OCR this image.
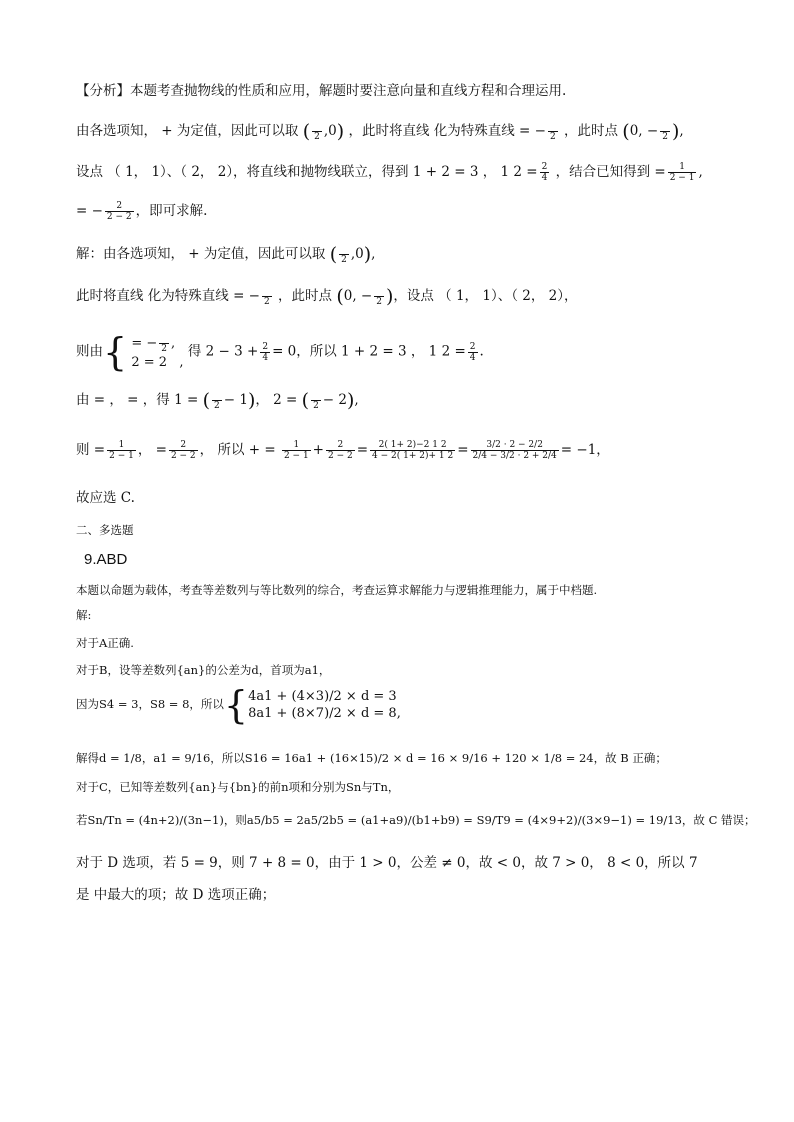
【分析】本题考查抛物线的性质和应用，解题时要注意向量和直线方程和合理运用.
由各选项知， + 为定值，因此可以取 (
2 ,0) ，此时将直线 化为特殊直线 = −
2 ，此时点 (0, −
2 ),
设点 （ 1， 1）、（ 2， 2），将直线和抛物线联立，得到 1 + 2 = 3 ， 1 $2 = \frac{2}{4}$ ，结合已知得到 = $\frac{1}{2 - 1}$ ,
= − $\frac{2}{2 - 2}$ ，即可求解.
解：由各选项知， + 为定值，因此可以取 (
2 ,0),
此时将直线 化为特殊直线 = −
2 ，此时点 (0, −
2 )，设点 （ 1， 1）、（ 2， 2），
则由{ = −
2 ,
2 = 2   , 得 $2 - 3 + \frac{2}{4} = 0$，所以 1 + 2 = 3 ， 1 $2 = \frac{2}{4}$ .
由 = ， = ，得 1 = (
2 − 1)， 2 = (
2 − 2),
则 = $\frac{1}{2 - 1}$ ， = $\frac{2}{2 - 2}$ ， 所以 + = $\frac{1}{2 - 1} + \frac{2}{2 - 2} = \frac{2( 1+ 2)-2 1 2}{4 - 2( 1+ 2)+ 1 2} = \frac{3/2 \cdot 2 - 2/2}{2/4 - 3/2 \cdot 2 + 2/4} = -1$，
故应选 C.
二、多选题
9.ABD
本题以命题为载体，考查等差数列与等比数列的综合，考查运算求解能力与逻辑推理能力，属于中档题.
解:
对于A正确.
对于B，设等差数列{an}的公差为d，首项为a1，
因为S4 = 3，S8 = 8，所以{4a1 + (4×3)/2 × d = 3
8a1 + (8×7)/2 × d = 8,
解得d = 1/8，a1 = 9/16，所以S16 = 16a1 + (16×15)/2 × d = 16 × 9/16 + 120 × 1/8 = 24，故 B 正确；
对于C，已知等差数列{an}与{bn}的前n项和分别为Sn与Tn，
若Sn/Tn = (4n+2)/(3n−1)，则a5/b5 = 2a5/2b5 = (a1+a9)/(b1+b9) = S9/T9 = (4×9+2)/(3×9−1) = 19/13，故 C 错误；
对于 D 选项，若 5 = 9，则 7 + 8 = 0，由于 1 > 0，公差 ≠ 0，故 < 0，故 7 > 0， 8 < 0，所以 7
是 中最大的项；故 D 选项正确；
